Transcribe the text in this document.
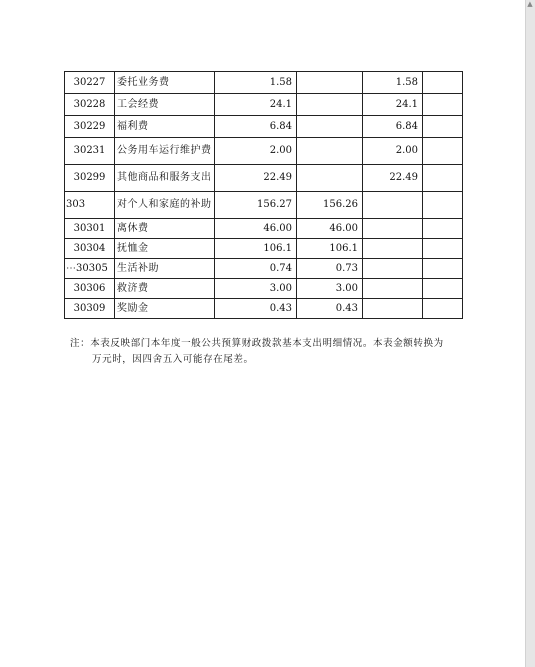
30227	委托业务费	1.58		1.58	
30228	工会经费	24.1		24.1	
30229	福利费	6.84		6.84	
30231	公务用车运行维护费	2.00		2.00	
30299	其他商品和服务支出	22.49		22.49	
303	对个人和家庭的补助	156.27	156.26		
30301	离休费	46.00	46.00		
30304	抚恤金	106.1	106.1		
⋯30305	生活补助	0.74	0.73		
30306	救济费	3.00	3.00		
30309	奖励金	0.43	0.43		
注：本表反映部门本年度一般公共预算财政拨款基本支出明细情况。本表金额转换为
万元时，因四舍五入可能存在尾差。
▲
